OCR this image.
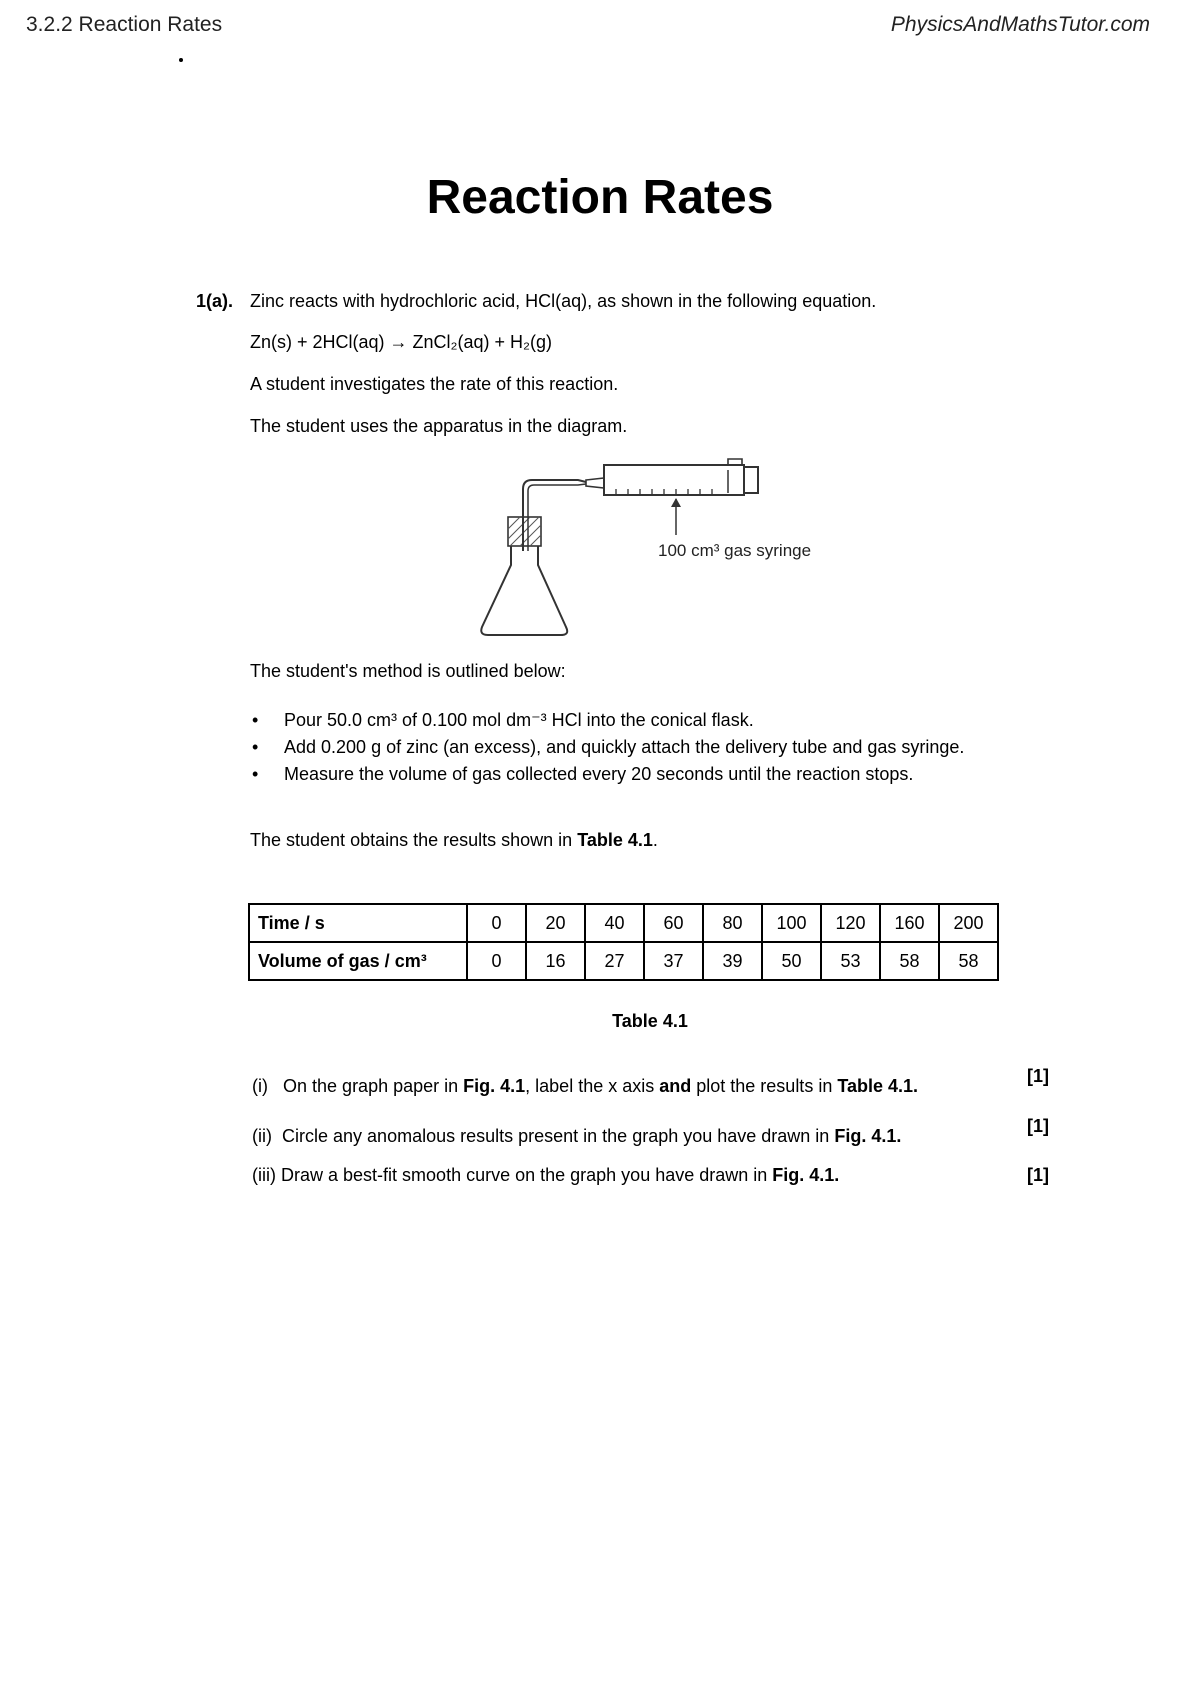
3.2.2 Reaction Rates	PhysicsAndMathsTutor.com
Reaction Rates
1(a). Zinc reacts with hydrochloric acid, HCl(aq), as shown in the following equation.
Zn(s) + 2HCl(aq) → ZnCl₂(aq) + H₂(g)
A student investigates the rate of this reaction.
The student uses the apparatus in the diagram.
100 cm³ gas syringe
The student's method is outlined below:
• Pour 50.0 cm³ of 0.100 mol dm⁻³ HCl into the conical flask.
• Add 0.200 g of zinc (an excess), and quickly attach the delivery tube and gas syringe.
• Measure the volume of gas collected every 20 seconds until the reaction stops.
The student obtains the results shown in Table 4.1.
Time / s	0	20	40	60	80	100	120	160	200
Volume of gas / cm³	0	16	27	37	39	50	53	58	58
Table 4.1
(i) On the graph paper in Fig. 4.1, label the x axis and plot the results in Table 4.1.	[1]
(ii) Circle any anomalous results present in the graph you have drawn in Fig. 4.1.	[1]
(iii) Draw a best-fit smooth curve on the graph you have drawn in Fig. 4.1.	[1]
